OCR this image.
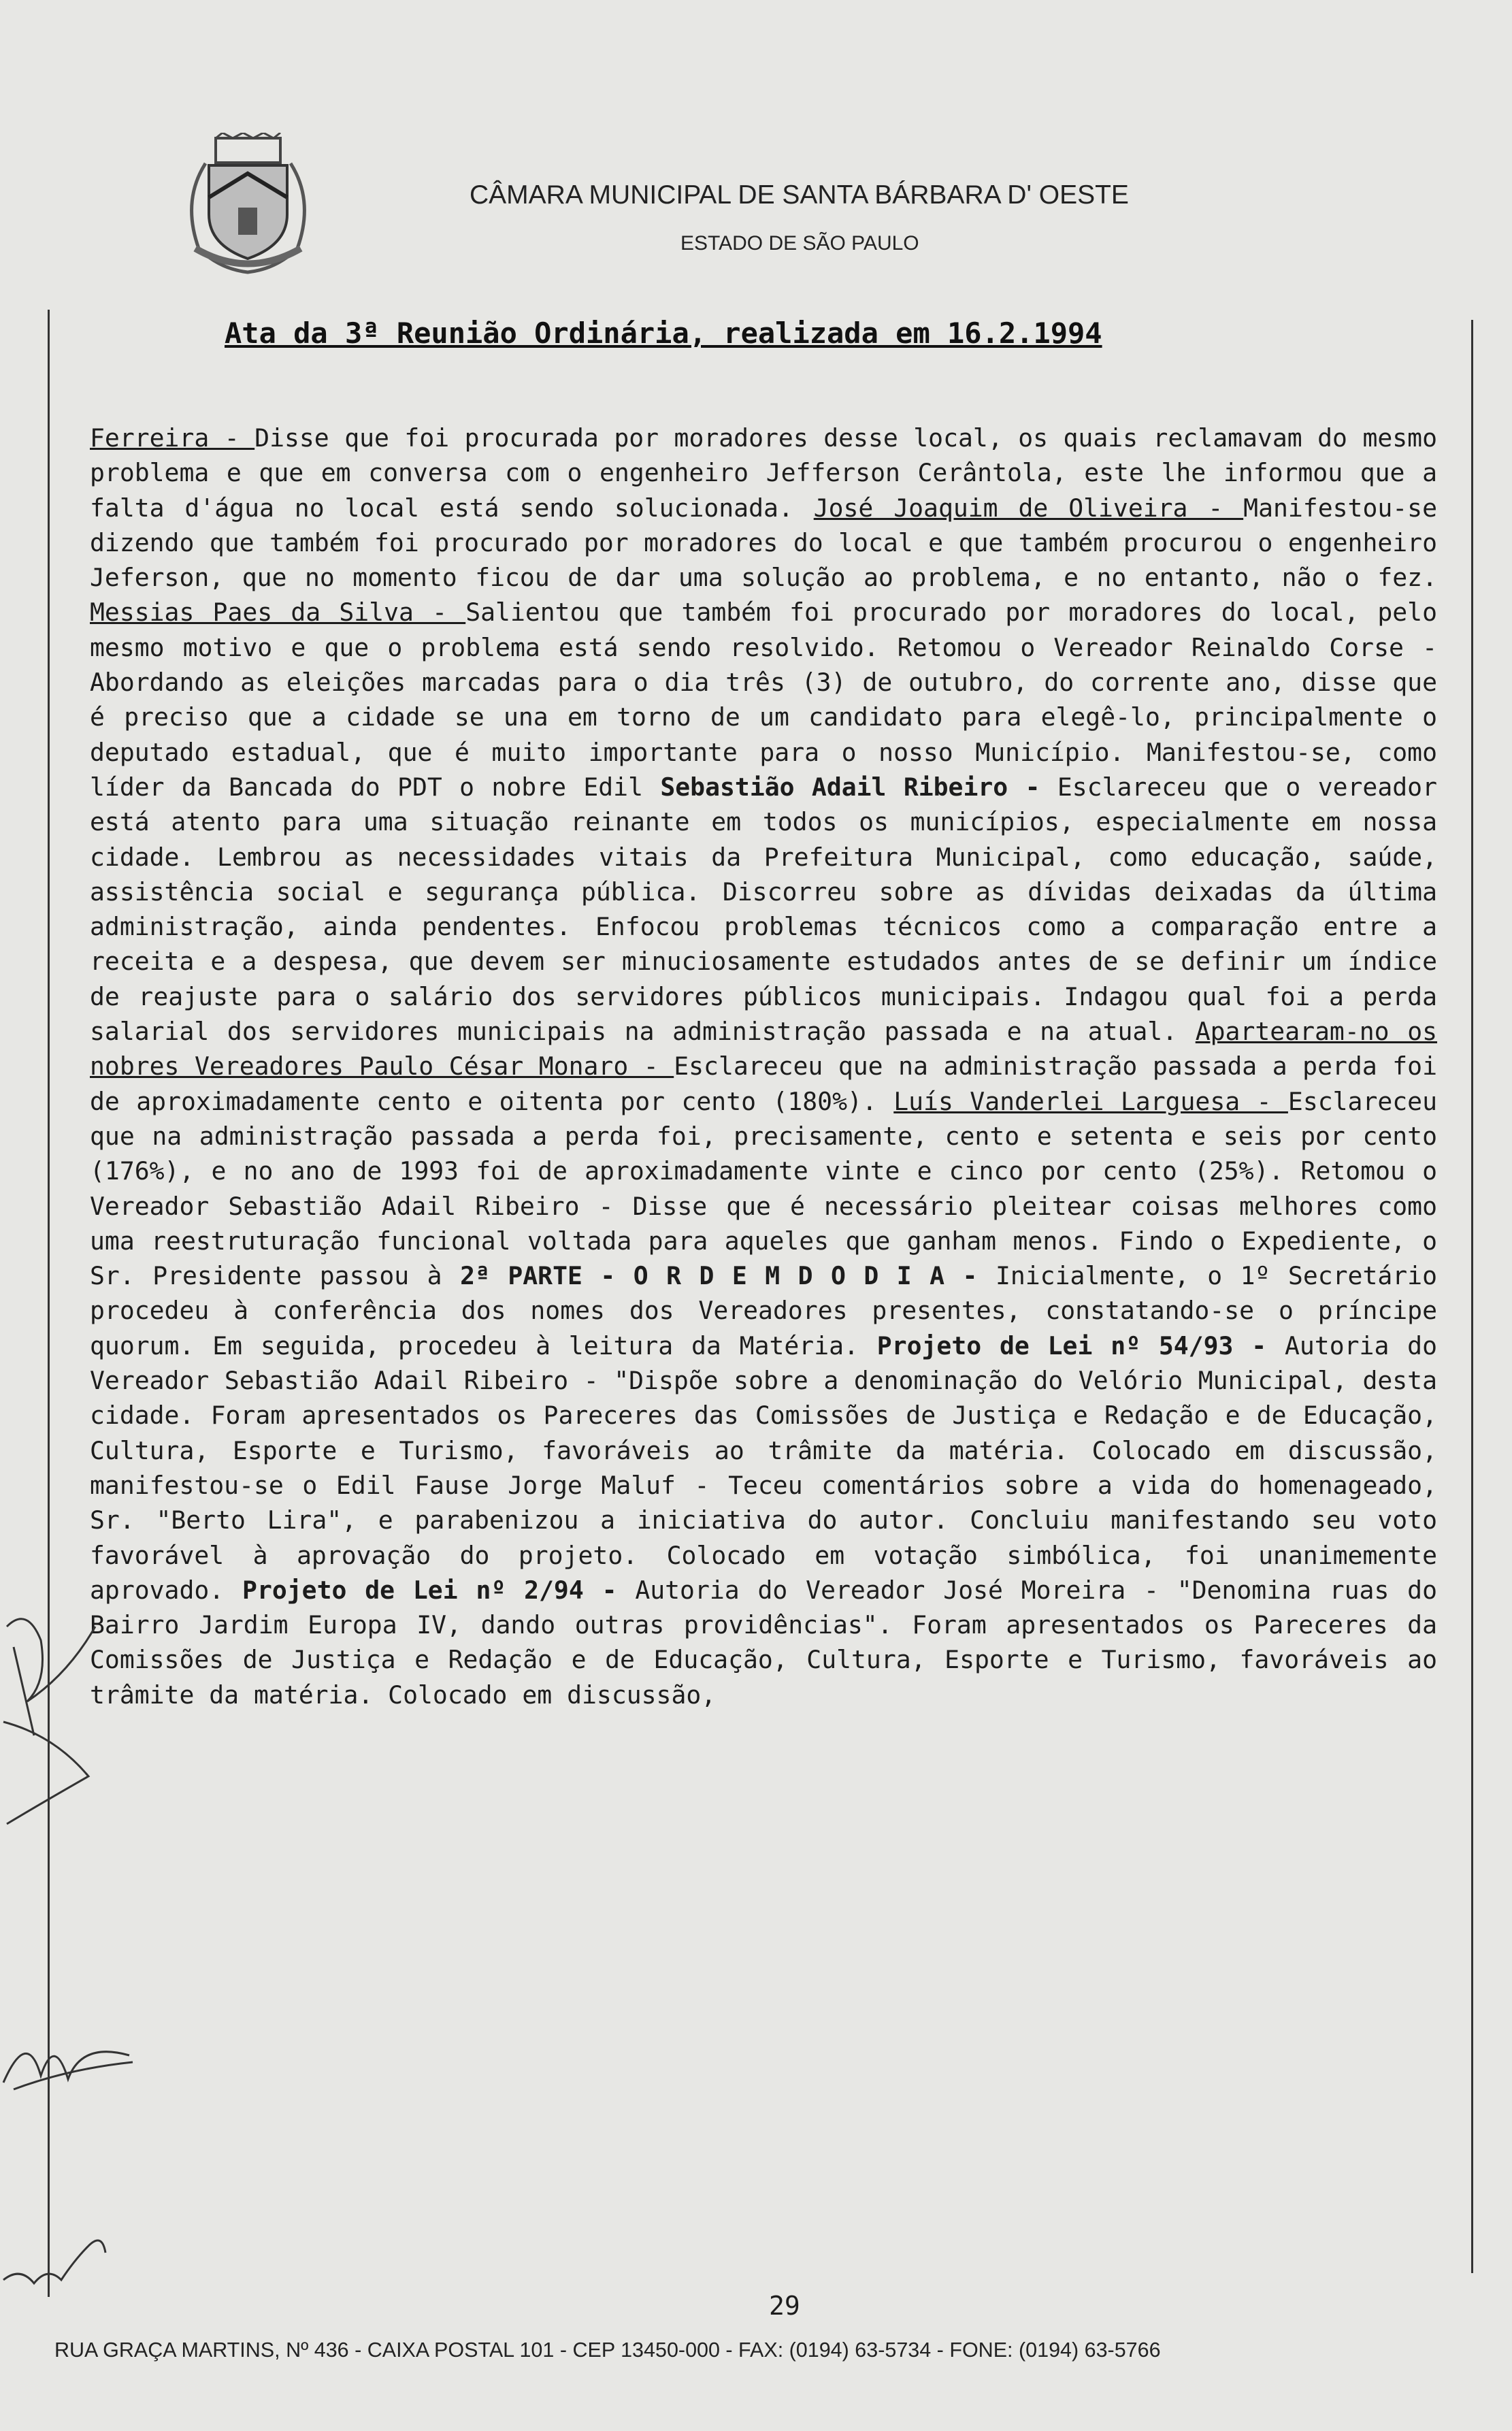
CÂMARA MUNICIPAL DE SANTA BÁRBARA D' OESTE
ESTADO DE SÃO PAULO
Ata da 3ª Reunião Ordinária, realizada em 16.2.1994

Ferreira - Disse que foi procurada por moradores desse local, os quais reclamavam do mesmo problema e que em conversa com o engenheiro Jefferson Cerântola, este lhe informou que a falta d'água no local está sendo solucionada. José Joaquim de Oliveira - Manifestou-se dizendo que também foi procurado por moradores do local e que também procurou o engenheiro Jeferson, que no momento ficou de dar uma solução ao problema, e no entanto, não o fez. Messias Paes da Silva - Salientou que também foi procurado por moradores do local, pelo mesmo motivo e que o problema está sendo resolvido. Retomou o Vereador Reinaldo Corse - Abordando as eleições marcadas para o dia três (3) de outubro, do corrente ano, disse que é preciso que a cidade se una em torno de um candidato para elegê-lo, principalmente o deputado estadual, que é muito importante para o nosso Município. Manifestou-se, como líder da Bancada do PDT o nobre Edil Sebastião Adail Ribeiro - Esclareceu que o vereador está atento para uma situação reinante em todos os municípios, especialmente em nossa cidade. Lembrou as necessidades vitais da Prefeitura Municipal, como educação, saúde, assistência social e segurança pública. Discorreu sobre as dívidas deixadas da última administração, ainda pendentes. Enfocou problemas técnicos como a comparação entre a receita e a despesa, que devem ser minuciosamente estudados antes de se definir um índice de reajuste para o salário dos servidores públicos municipais. Indagou qual foi a perda salarial dos servidores municipais na administração passada e na atual. Apartearam-no os nobres Vereadores Paulo César Monaro - Esclareceu que na administração passada a perda foi de aproximadamente cento e oitenta por cento (180%). Luís Vanderlei Larguesa - Esclareceu que na administração passada a perda foi, precisamente, cento e setenta e seis por cento (176%), e no ano de 1993 foi de aproximadamente vinte e cinco por cento (25%). Retomou o Vereador Sebastião Adail Ribeiro - Disse que é necessário pleitear coisas melhores como uma reestruturação funcional voltada para aqueles que ganham menos. Findo o Expediente, o Sr. Presidente passou à 2ª PARTE - O R D E M D O D I A - Inicialmente, o 1º Secretário procedeu à conferência dos nomes dos Vereadores presentes, constatando-se o príncipe quorum. Em seguida, procedeu à leitura da Matéria. Projeto de Lei nº 54/93 - Autoria do Vereador Sebastião Adail Ribeiro - "Dispõe sobre a denominação do Velório Municipal, desta cidade. Foram apresentados os Pareceres das Comissões de Justiça e Redação e de Educação, Cultura, Esporte e Turismo, favoráveis ao trâmite da matéria. Colocado em discussão, manifestou-se o Edil Fause Jorge Maluf - Teceu comentários sobre a vida do homenageado, Sr. "Berto Lira", e parabenizou a iniciativa do autor. Concluiu manifestando seu voto favorável à aprovação do projeto. Colocado em votação simbólica, foi unanimemente aprovado. Projeto de Lei nº 2/94 - Autoria do Vereador José Moreira - "Denomina ruas do Bairro Jardim Europa IV, dando outras providências". Foram apresentados os Pareceres da Comissões de Justiça e Redação e de Educação, Cultura, Esporte e Turismo, favoráveis ao trâmite da matéria. Colocado em discussão,

29
RUA GRAÇA MARTINS, Nº 436 - CAIXA POSTAL 101 - CEP 13450-000 - FAX: (0194) 63-5734 - FONE: (0194) 63-5766
